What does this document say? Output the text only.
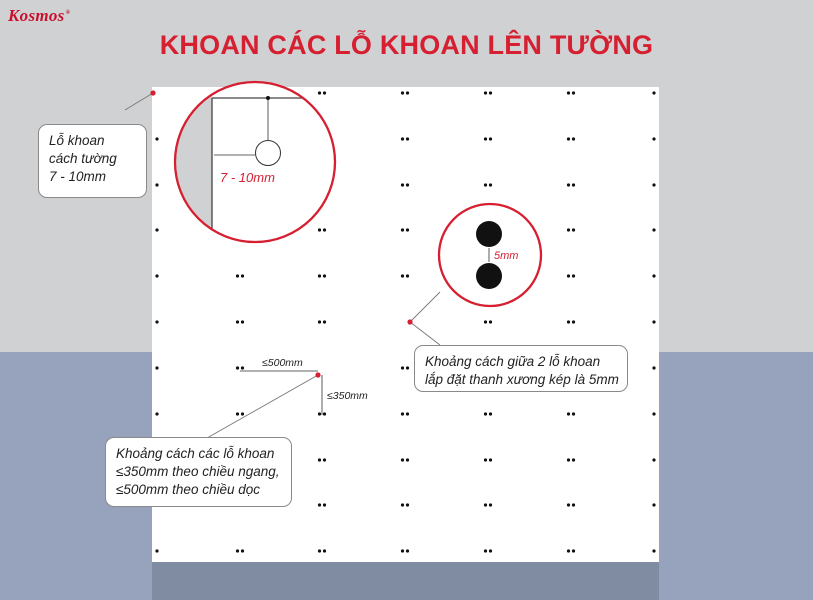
≤500mm
≤350mm
7 - 10mm
5mm
Kosmos®
KHOAN CÁC LỖ KHOAN LÊN TƯỜNG
Lỗ khoan
cách tường
7 - 10mm
Khoảng cách giữa 2 lỗ khoan
lắp đặt thanh xương kép là 5mm
Khoảng cách các lỗ khoan
≤350mm theo chiều ngang,
≤500mm theo chiều dọc
